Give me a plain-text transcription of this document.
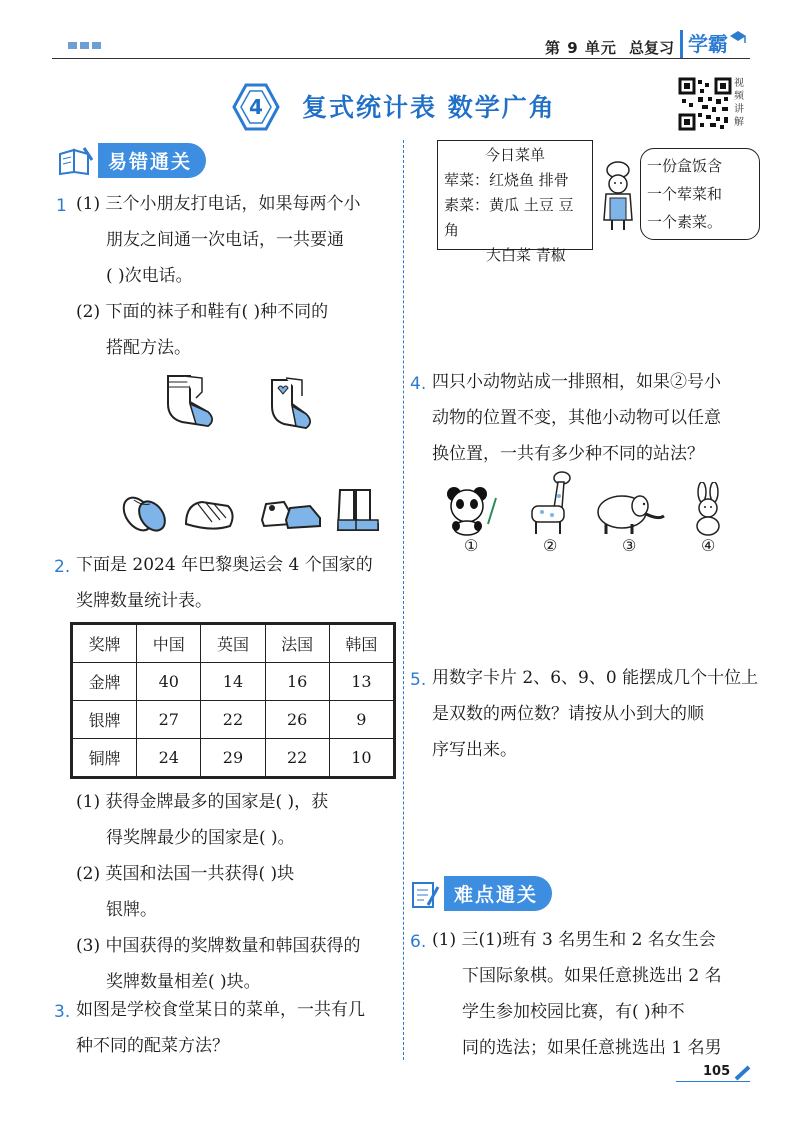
第 9 单元 总复习 学霸
4 复式统计表 数学广角
视频讲解
易错通关
1 (1) 三个小朋友打电话，如果每两个小
朋友之间通一次电话，一共要通
( )次电话。
(2) 下面的袜子和鞋有( )种不同的
搭配方法。
2. 下面是 2024 年巴黎奥运会 4 个国家的
奖牌数量统计表。
奖牌	中国	英国	法国	韩国
金牌	40	14	16	13
银牌	27	22	26	9
铜牌	24	29	22	10
(1) 获得金牌最多的国家是( )，获
得奖牌最少的国家是( )。
(2) 英国和法国一共获得( )块
银牌。
(3) 中国获得的奖牌数量和韩国获得的
奖牌数量相差( )块。
3. 如图是学校食堂某日的菜单，一共有几
种不同的配菜方法？
今日菜单
荤菜：红烧鱼 排骨
素菜：黄瓜 土豆 豆角
大白菜 青椒
一份盒饭含
一个荤菜和
一个素菜。
4. 四只小动物站成一排照相，如果②号小
动物的位置不变，其他小动物可以任意
换位置，一共有多少种不同的站法？
①	②	③	④
5. 用数字卡片 2、6、9、0 能摆成几个十位上
是双数的两位数？请按从小到大的顺
序写出来。
难点通关
6. (1) 三(1)班有 3 名男生和 2 名女生会
下国际象棋。如果任意挑选出 2 名
学生参加校园比赛，有( )种不
同的选法；如果任意挑选出 1 名男
105
